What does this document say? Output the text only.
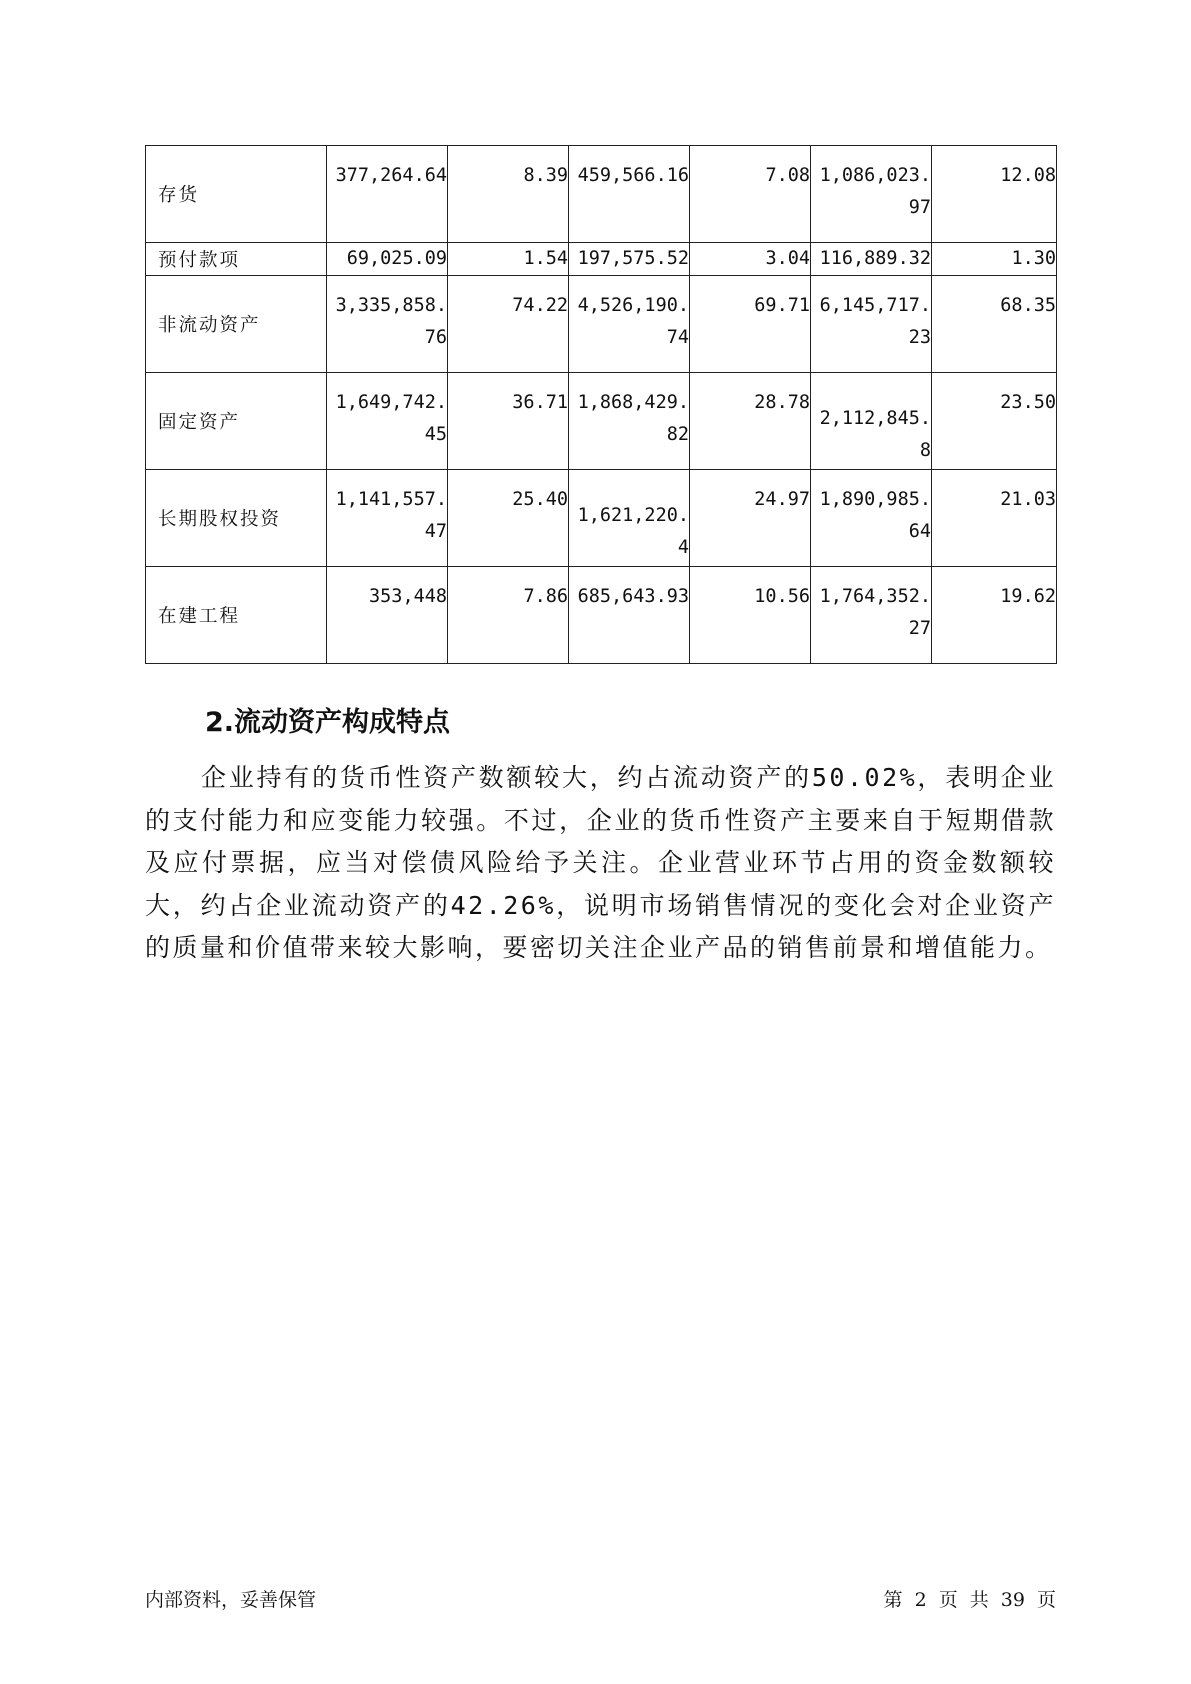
存货	377,264.64	8.39	459,566.16	7.08	1,086,023.97	12.08

预付款项	69,025.09	1.54	197,575.52	3.04	116,889.32	1.30

非流动资产	3,335,858.76	74.22	4,526,190.74	69.71	6,145,717.23	68.35

固定资产	1,649,742.45	36.71	1,868,429.82	28.78	2,112,845.8	23.50

长期股权投资	1,141,557.47	25.40	1,621,220.4	24.97	1,890,985.64	21.03

在建工程	353,448	7.86	685,643.93	10.56	1,764,352.27	19.62
2.流动资产构成特点
企业持有的货币性资产数额较大，约占流动资产的50.02%，表明企业的支付能力和应变能力较强。不过，企业的货币性资产主要来自于短期借款及应付票据，应当对偿债风险给予关注。企业营业环节占用的资金数额较大，约占企业流动资产的42.26%，说明市场销售情况的变化会对企业资产的质量和价值带来较大影响，要密切关注企业产品的销售前景和增值能力。
内部资料，妥善保管	第 2 页 共 39 页
